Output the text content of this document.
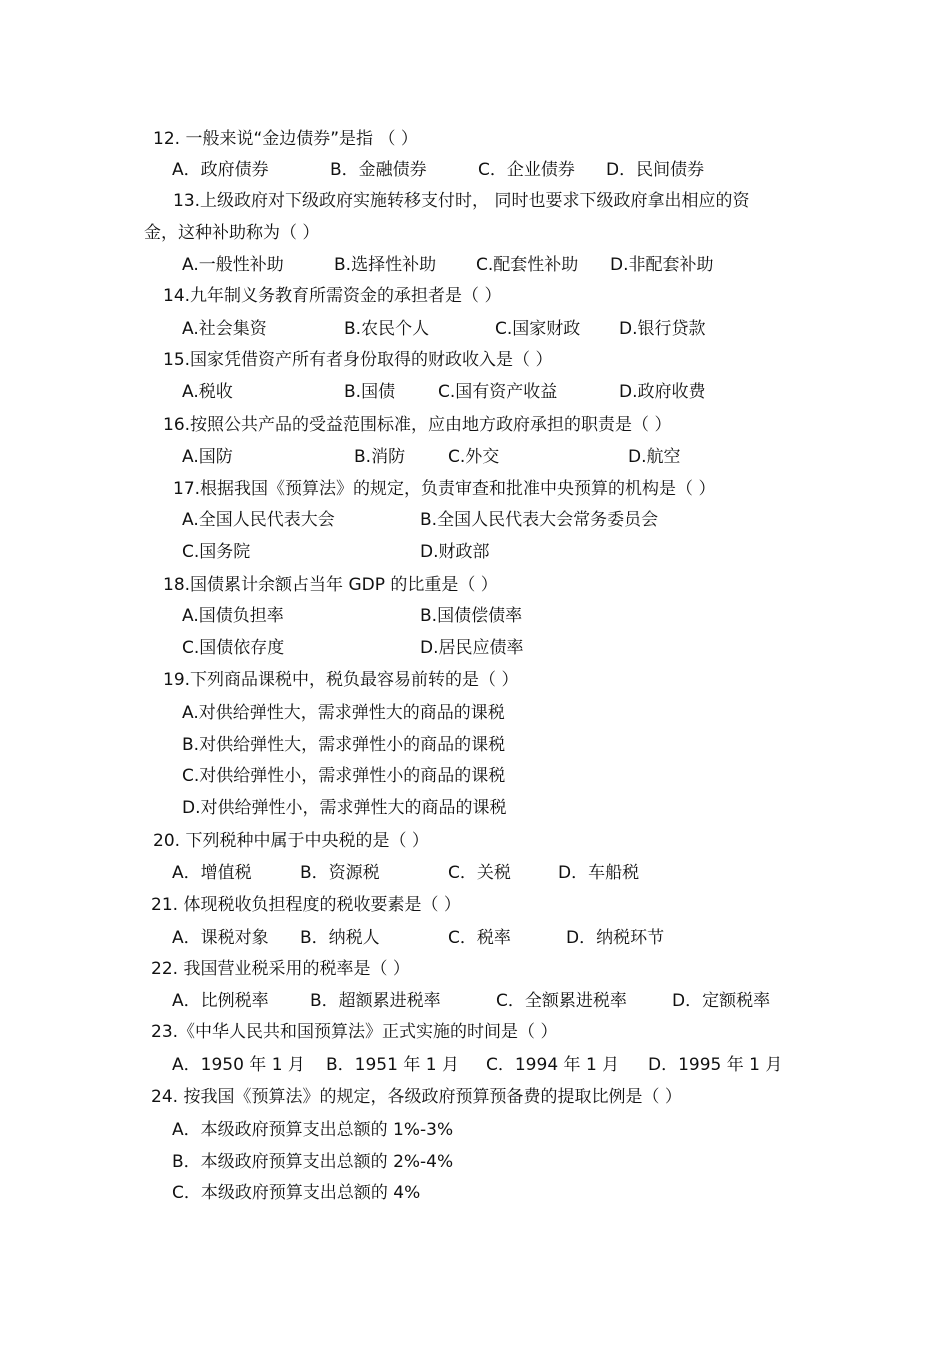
12. 一般来说“金边债券”是指 （ ）
A．政府债券	B．金融债券	C．企业债券 D．民间债券
13.上级政府对下级政府实施转移支付时， 同时也要求下级政府拿出相应的资
金，这种补助称为（ ）
A.一般性补助	B.选择性补助 C.配套性补助 D.非配套补助
14.九年制义务教育所需资金的承担者是（ ）
A.社会集资	B.农民个人	C.国家财政 D.银行贷款
15.国家凭借资产所有者身份取得的财政收入是（ ）
A.税收	B.国债	C.国有资产收益	D.政府收费
16.按照公共产品的受益范围标准，应由地方政府承担的职责是（ ）
A.国防	B.消防	C.外交	D.航空
17.根据我国《预算法》的规定，负责审查和批准中央预算的机构是（ ）
A.全国人民代表大会	B.全国人民代表大会常务委员会
C.国务院	D.财政部
18.国债累计余额占当年 GDP 的比重是（ ）
A.国债负担率	B.国债偿债率
C.国债依存度	D.居民应债率
19.下列商品课税中，税负最容易前转的是（ ）
A.对供给弹性大，需求弹性大的商品的课税
B.对供给弹性大，需求弹性小的商品的课税
C.对供给弹性小，需求弹性小的商品的课税
D.对供给弹性小，需求弹性大的商品的课税
20. 下列税种中属于中央税的是（ ）
A．增值税	B．资源税	C．关税	D．车船税
21. 体现税收负担程度的税收要素是（ ）
A．课税对象 B．纳税人	C．税率	D．纳税环节
22. 我国营业税采用的税率是（ ）
A．比例税率 B．超额累进税率	C．全额累进税率	D．定额税率
23.《中华人民共和国预算法》正式实施的时间是（ ）
A．1950 年 1 月 B．1951 年 1 月 C．1994 年 1 月 D．1995 年 1 月
24. 按我国《预算法》的规定，各级政府预算预备费的提取比例是（ ）
A．本级政府预算支出总额的 1%-3%
B．本级政府预算支出总额的 2%-4%
C．本级政府预算支出总额的 4%
